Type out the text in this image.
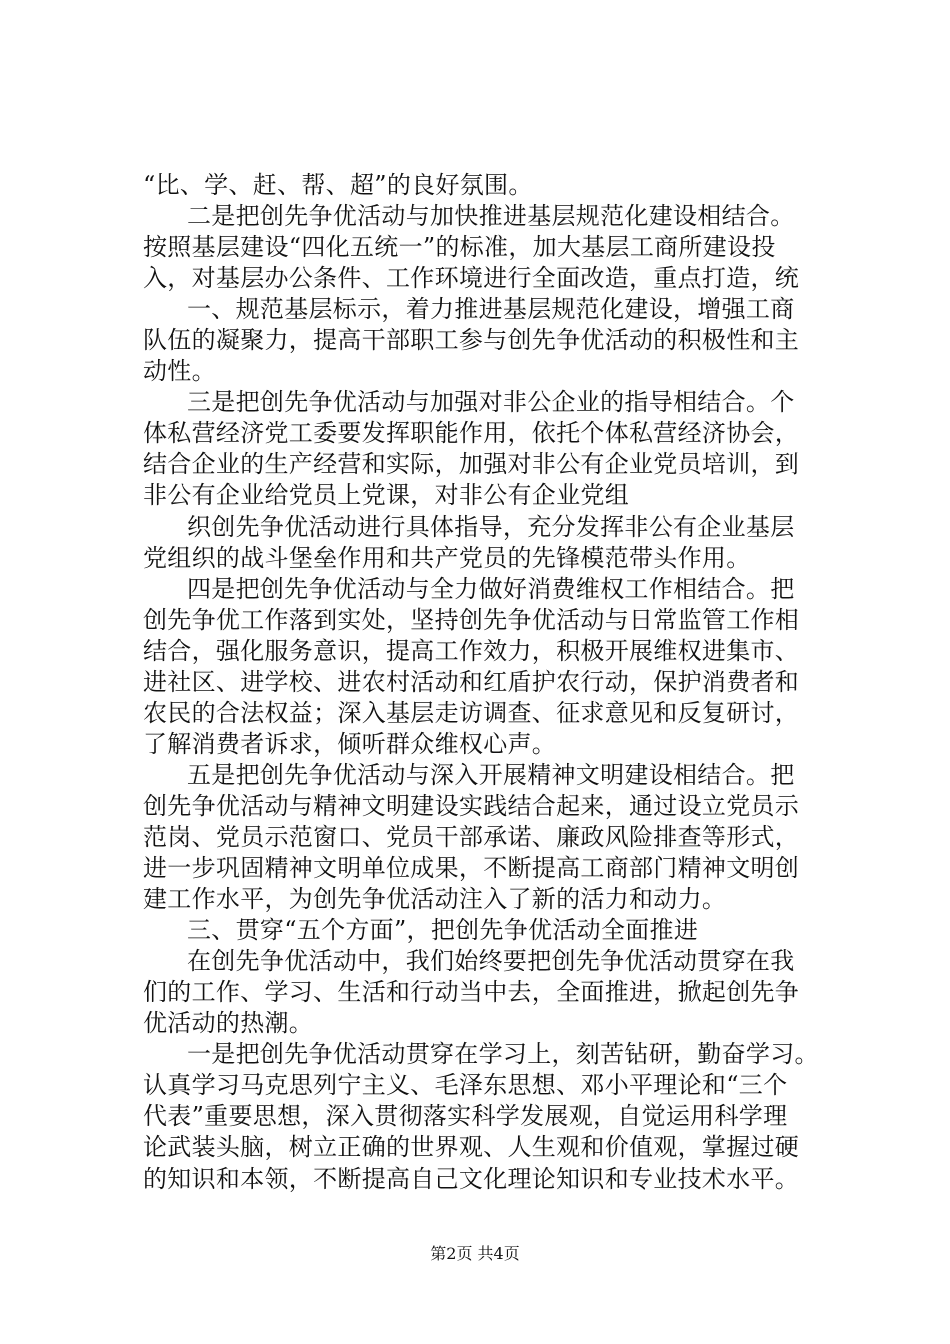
“比、学、赶、帮、超”的良好氛围。
二是把创先争优活动与加快推进基层规范化建设相结合。
按照基层建设“四化五统一”的标准，加大基层工商所建设投
入，对基层办公条件、工作环境进行全面改造，重点打造，统
一、规范基层标示，着力推进基层规范化建设，增强工商
队伍的凝聚力，提高干部职工参与创先争优活动的积极性和主
动性。
三是把创先争优活动与加强对非公企业的指导相结合。个
体私营经济党工委要发挥职能作用，依托个体私营经济协会，
结合企业的生产经营和实际，加强对非公有企业党员培训，到
非公有企业给党员上党课，对非公有企业党组
织创先争优活动进行具体指导，充分发挥非公有企业基层
党组织的战斗堡垒作用和共产党员的先锋模范带头作用。
四是把创先争优活动与全力做好消费维权工作相结合。把
创先争优工作落到实处，坚持创先争优活动与日常监管工作相
结合，强化服务意识，提高工作效力，积极开展维权进集市、
进社区、进学校、进农村活动和红盾护农行动，保护消费者和
农民的合法权益；深入基层走访调查、征求意见和反复研讨，
了解消费者诉求，倾听群众维权心声。
五是把创先争优活动与深入开展精神文明建设相结合。把
创先争优活动与精神文明建设实践结合起来，通过设立党员示
范岗、党员示范窗口、党员干部承诺、廉政风险排查等形式，
进一步巩固精神文明单位成果，不断提高工商部门精神文明创
建工作水平，为创先争优活动注入了新的活力和动力。
三、贯穿“五个方面”，把创先争优活动全面推进
在创先争优活动中，我们始终要把创先争优活动贯穿在我
们的工作、学习、生活和行动当中去，全面推进，掀起创先争
优活动的热潮。
一是把创先争优活动贯穿在学习上，刻苦钻研，勤奋学习。
认真学习马克思列宁主义、毛泽东思想、邓小平理论和“三个
代表”重要思想，深入贯彻落实科学发展观，自觉运用科学理
论武装头脑，树立正确的世界观、人生观和价值观，掌握过硬
的知识和本领，不断提高自己文化理论知识和专业技术水平。
第2页 共4页
